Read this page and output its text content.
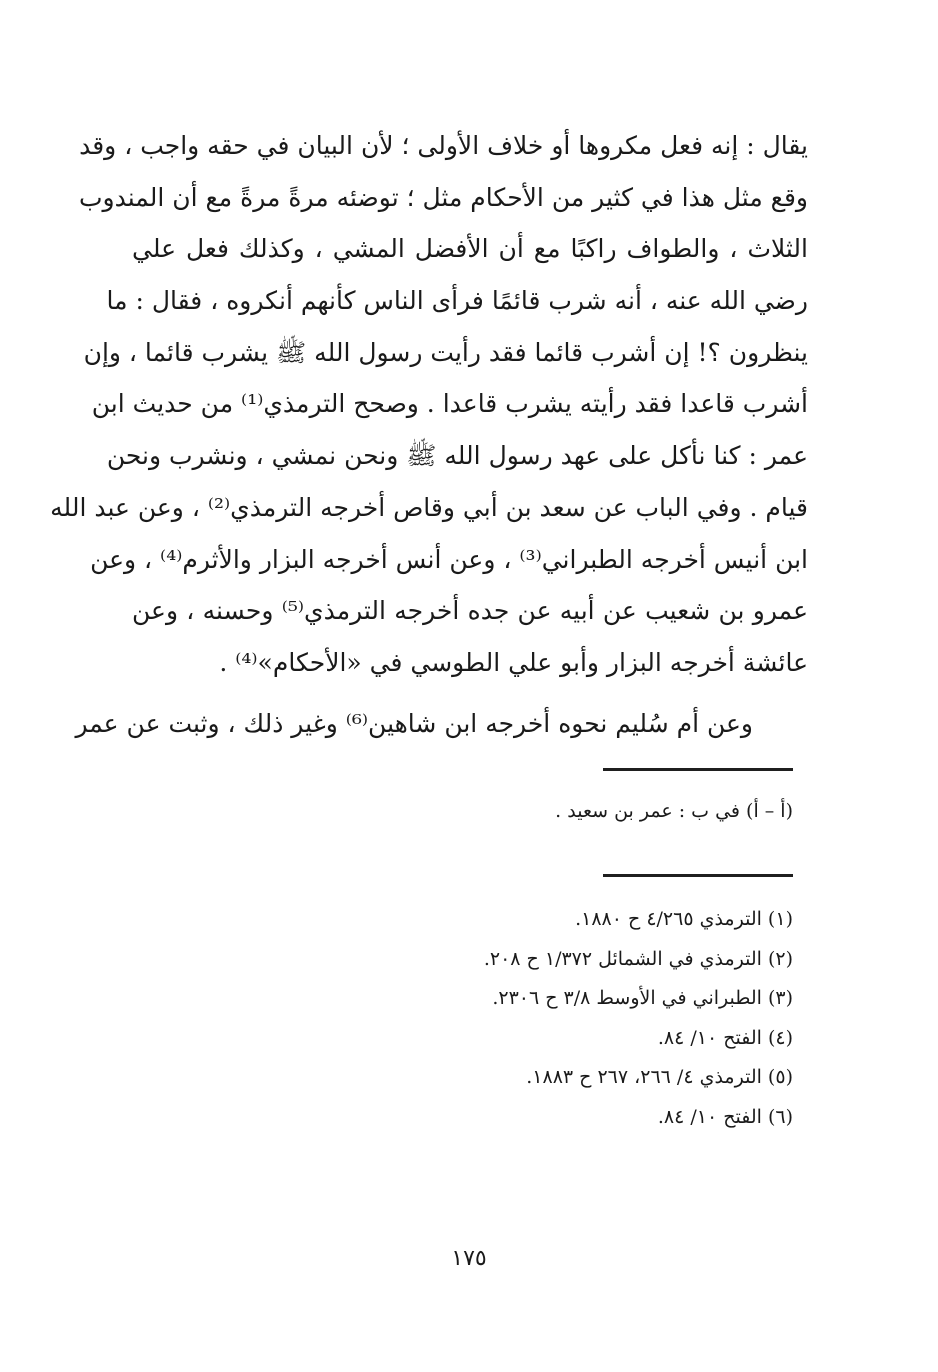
يقال : إنه فعل مكروها أو خلاف الأولى ؛ لأن البيان في حقه واجب ، وقد
وقع مثل هذا في كثير من الأحكام مثل ؛ توضئه مرةً مرةً مع أن المندوب
الثلاث ، والطواف راكبًا مع أن الأفضل المشي ، وكذلك فعل علي
رضي الله عنه ، أنه شرب قائمًا فرأى الناس كأنهم أنكروه ، فقال : ما
ينظرون ؟! إن أشرب قائما فقد رأيت رسول الله ﷺ يشرب قائما ، وإن
أشرب قاعدا فقد رأيته يشرب قاعدا . وصحح الترمذي⁽¹⁾ من حديث ابن
عمر : كنا نأكل على عهد رسول الله ﷺ ونحن نمشي ، ونشرب ونحن
قيام . وفي الباب عن سعد بن أبي وقاص أخرجه الترمذي⁽²⁾ ، وعن عبد الله
ابن أنيس أخرجه الطبراني⁽³⁾ ، وعن أنس أخرجه البزار والأثرم⁽⁴⁾ ، وعن
عمرو بن شعيب عن أبيه عن جده أخرجه الترمذي⁽⁵⁾ وحسنه ، وعن
عائشة أخرجه البزار وأبو علي الطوسي في «الأحكام»⁽⁴⁾ .
وعن أم سُليم نحوه أخرجه ابن شاهين⁽⁶⁾ وغير ذلك ، وثبت عن عمر
(أ – أ) في ب : عمر بن سعيد .
(١) الترمذي ٤/٢٦٥ ح ١٨٨٠.
(٢) الترمذي في الشمائل ١/٣٧٢ ح ٢٠٨.
(٣) الطبراني في الأوسط ٣/٨ ح ٢٣٠٦.
(٤) الفتح ١٠/ ٨٤.
(٥) الترمذي ٤/ ٢٦٦، ٢٦٧ ح ١٨٨٣.
(٦) الفتح ١٠/ ٨٤.
١٧٥
